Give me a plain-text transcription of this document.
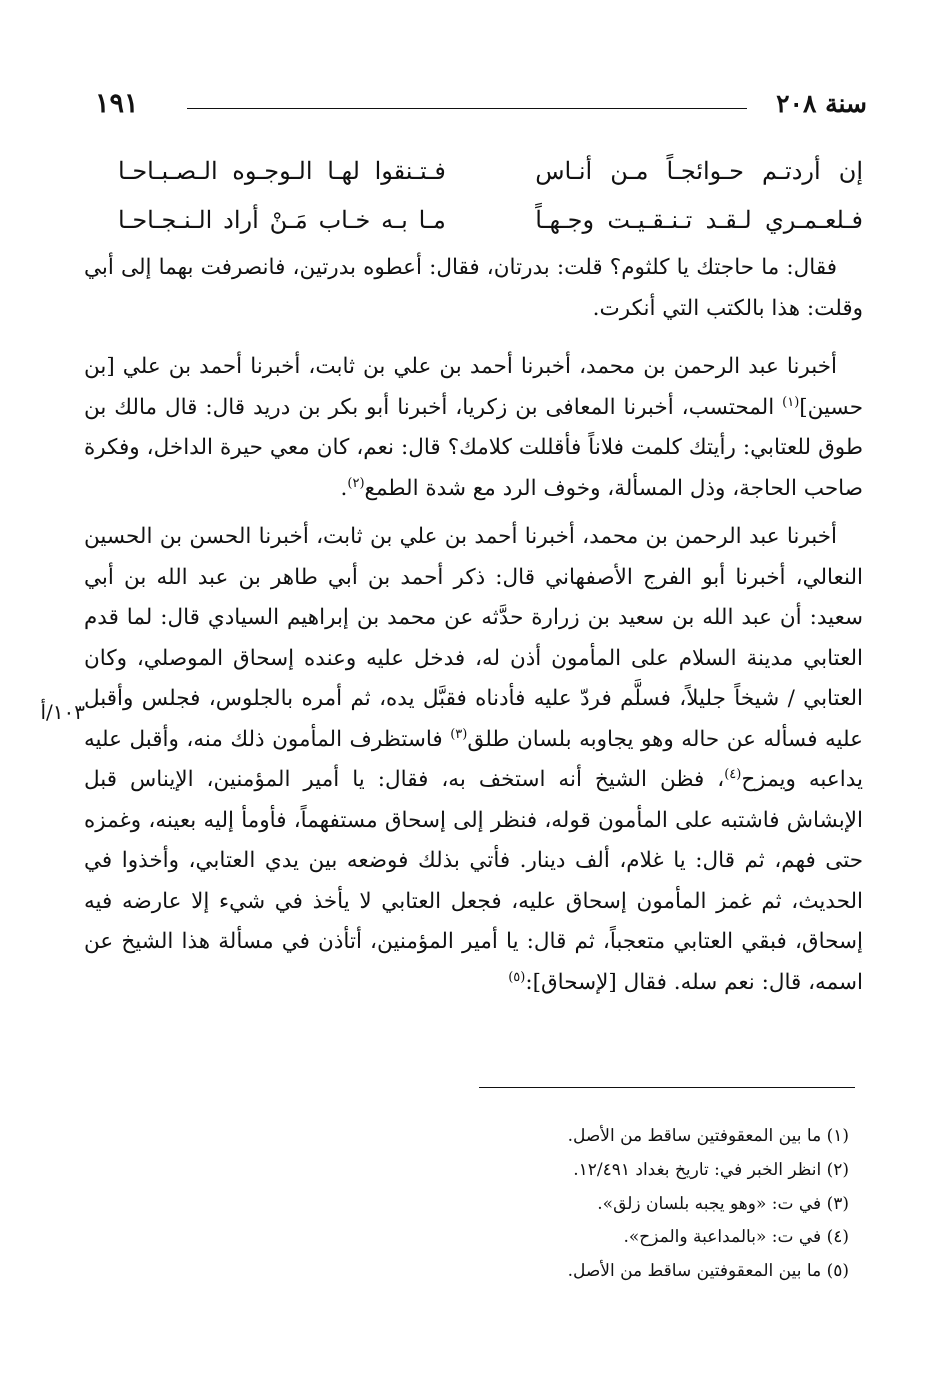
سنة ٢٠٨
١٩١
إن أردتـم حـوائجـاً مـن أنـاس
فـتـنقوا لهـا الـوجـوه الـصـبـاحـا
فـلعـمـري لـقـد تـنـقـيـت وجـهـاً
مـا بـه خـاب مَـنْ أراد الـنـجـاحـا

فقال: ما حاجتك يا كلثوم؟ قلت: بدرتان، فقال: أعطوه بدرتين، فانصرفت بهما إلى أبي وقلت: هذا بالكتب التي أنكرت.

أخبرنا عبد الرحمن بن محمد، أخبرنا أحمد بن علي بن ثابت، أخبرنا أحمد بن علي [بن حسين]$^{(١)}$ المحتسب، أخبرنا المعافى بن زكريا، أخبرنا أبو بكر بن دريد قال: قال مالك بن طوق للعتابي: رأيتك كلمت فلاناً فأقللت كلامك؟ قال: نعم، كان معي حيرة الداخل، وفكرة صاحب الحاجة، وذل المسألة، وخوف الرد مع شدة الطمع$^{(٢)}$.

أخبرنا عبد الرحمن بن محمد، أخبرنا أحمد بن علي بن ثابت، أخبرنا الحسن بن الحسين النعالي، أخبرنا أبو الفرج الأصفهاني قال: ذكر أحمد بن أبي طاهر بن عبد الله بن أبي سعيد: أن عبد الله بن سعيد بن زرارة حدَّثه عن محمد بن إبراهيم السيادي قال: لما قدم العتابي مدينة السلام على المأمون أذن له، فدخل عليه وعنده إسحاق الموصلي، وكان العتابي / شيخاً جليلاً، فسلَّم فردّ عليه فأدناه فقبَّل يده، ثم أمره بالجلوس، فجلس وأقبل عليه فسأله عن حاله وهو يجاوبه بلسان طلق$^{(٣)}$ فاستظرف المأمون ذلك منه، وأقبل عليه يداعبه ويمزح$^{(٤)}$، فظن الشيخ أنه استخف به، فقال: يا أمير المؤمنين، الإيناس قبل الإبشاش فاشتبه على المأمون قوله، فنظر إلى إسحاق مستفهماً، فأومأ إليه بعينه، وغمزه حتى فهم، ثم قال: يا غلام، ألف دينار. فأتي بذلك فوضعه بين يدي العتابي، وأخذوا في الحديث، ثم غمز المأمون إسحاق عليه، فجعل العتابي لا يأخذ في شيء إلا عارضه فيه إسحاق، فبقي العتابي متعجباً، ثم قال: يا أمير المؤمنين، أتأذن في مسألة هذا الشيخ عن اسمه، قال: نعم سله. فقال [لإسحاق]:$^{(٥)}$

١٠٣/أ
(١) ما بين المعقوفتين ساقط من الأصل.
(٢) انظر الخبر في: تاريخ بغداد ١٢/٤٩١.
(٣) في ت: «وهو يجبه بلسان زلق».
(٤) في ت: «بالمداعبة والمزح».
(٥) ما بين المعقوفتين ساقط من الأصل.
